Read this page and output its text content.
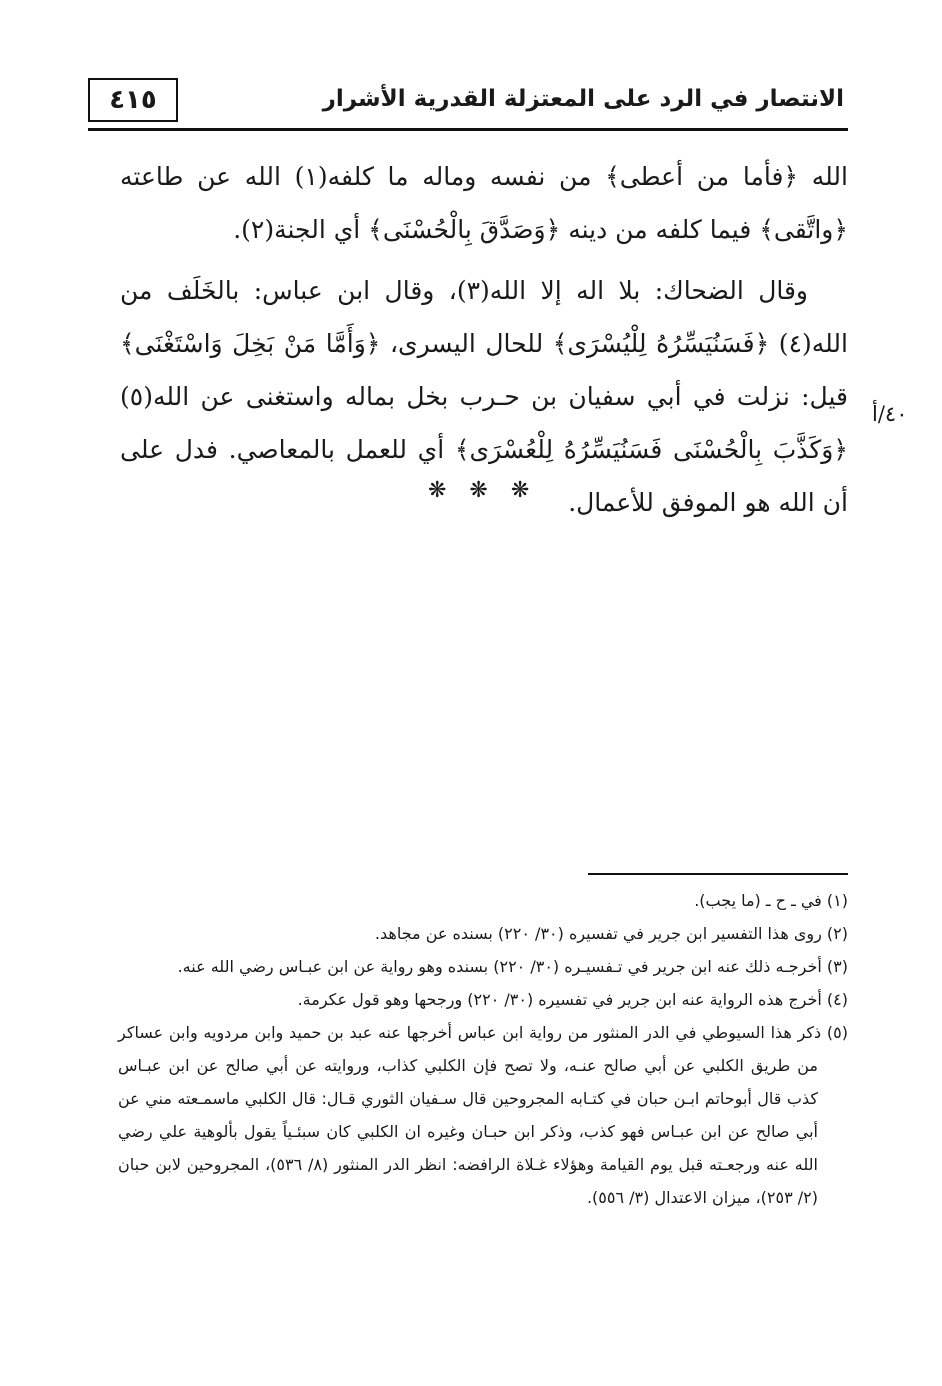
٤١٥	الانتصار في الرد على المعتزلة القدرية الأشرار

الله ﴿فأما من أعطى﴾ من نفسه وماله ما كلفه(١) الله عن طاعته ﴿واتَّقى﴾ فيما كلفه من دينه ﴿وَصَدَّقَ بِالْحُسْنَى﴾ أي الجنة(٢).

وقال الضحاك: بلا اله إلا الله(٣)، وقال ابن عباس: بالخَلَف من الله(٤) ﴿فَسَنُيَسِّرُهُ لِلْيُسْرَى﴾ للحال اليسرى، ﴿وَأَمَّا مَنْ بَخِلَ وَاسْتَغْنَى﴾ قيل: نزلت في أبي سفيان بن حـرب بخل بماله واستغنى عن الله(٥) ﴿وَكَذَّبَ بِالْحُسْنَى فَسَنُيَسِّرُهُ لِلْعُسْرَى﴾ أي للعمل بالمعاصي. فدل على أن الله هو الموفق للأعمال.

٤٠/أ
❋ ❋ ❋

(١) في ـ ح ـ (ما يجب).

(٢) روى هذا التفسير ابن جرير في تفسيره (٣٠/ ٢٢٠) بسنده عن مجاهد.

(٣) أخرجـه ذلك عنه ابن جرير في تـفسيـره (٣٠/ ٢٢٠) بسنده وهو رواية عن ابن عبـاس رضي الله عنه.

(٤) أخرج هذه الرواية عنه ابن جرير في تفسيره (٣٠/ ٢٢٠) ورجحها وهو قول عكرمة.

(٥) ذكر هذا السيوطي في الدر المنثور من رواية ابن عباس أخرجها عنه عبد بن حميد وابن مردويه وابن عساكر من طريق الكلبي عن أبي صالح عنـه، ولا تصح فإن الكلبي كذاب، وروايته عن أبي صالح عن ابن عبـاس كذب قال أبوحاتم ابـن حبان في كتـابه المجروحين قال سـفيان الثوري قـال: قال الكلبي ماسمـعته مني عن أبي صالح عن ابن عبـاس فهو كذب، وذكر ابن حبـان وغيره ان الكلبي كان سبئـياً يقول بألوهية علي رضي الله عنه ورجعـته قبل يوم القيامة وهؤلاء غـلاة الرافضه: انظر الدر المنثور (٨/ ٥٣٦)، المجروحين لابن حبان (٢/ ٢٥٣)، ميزان الاعتدال (٣/ ٥٥٦).
